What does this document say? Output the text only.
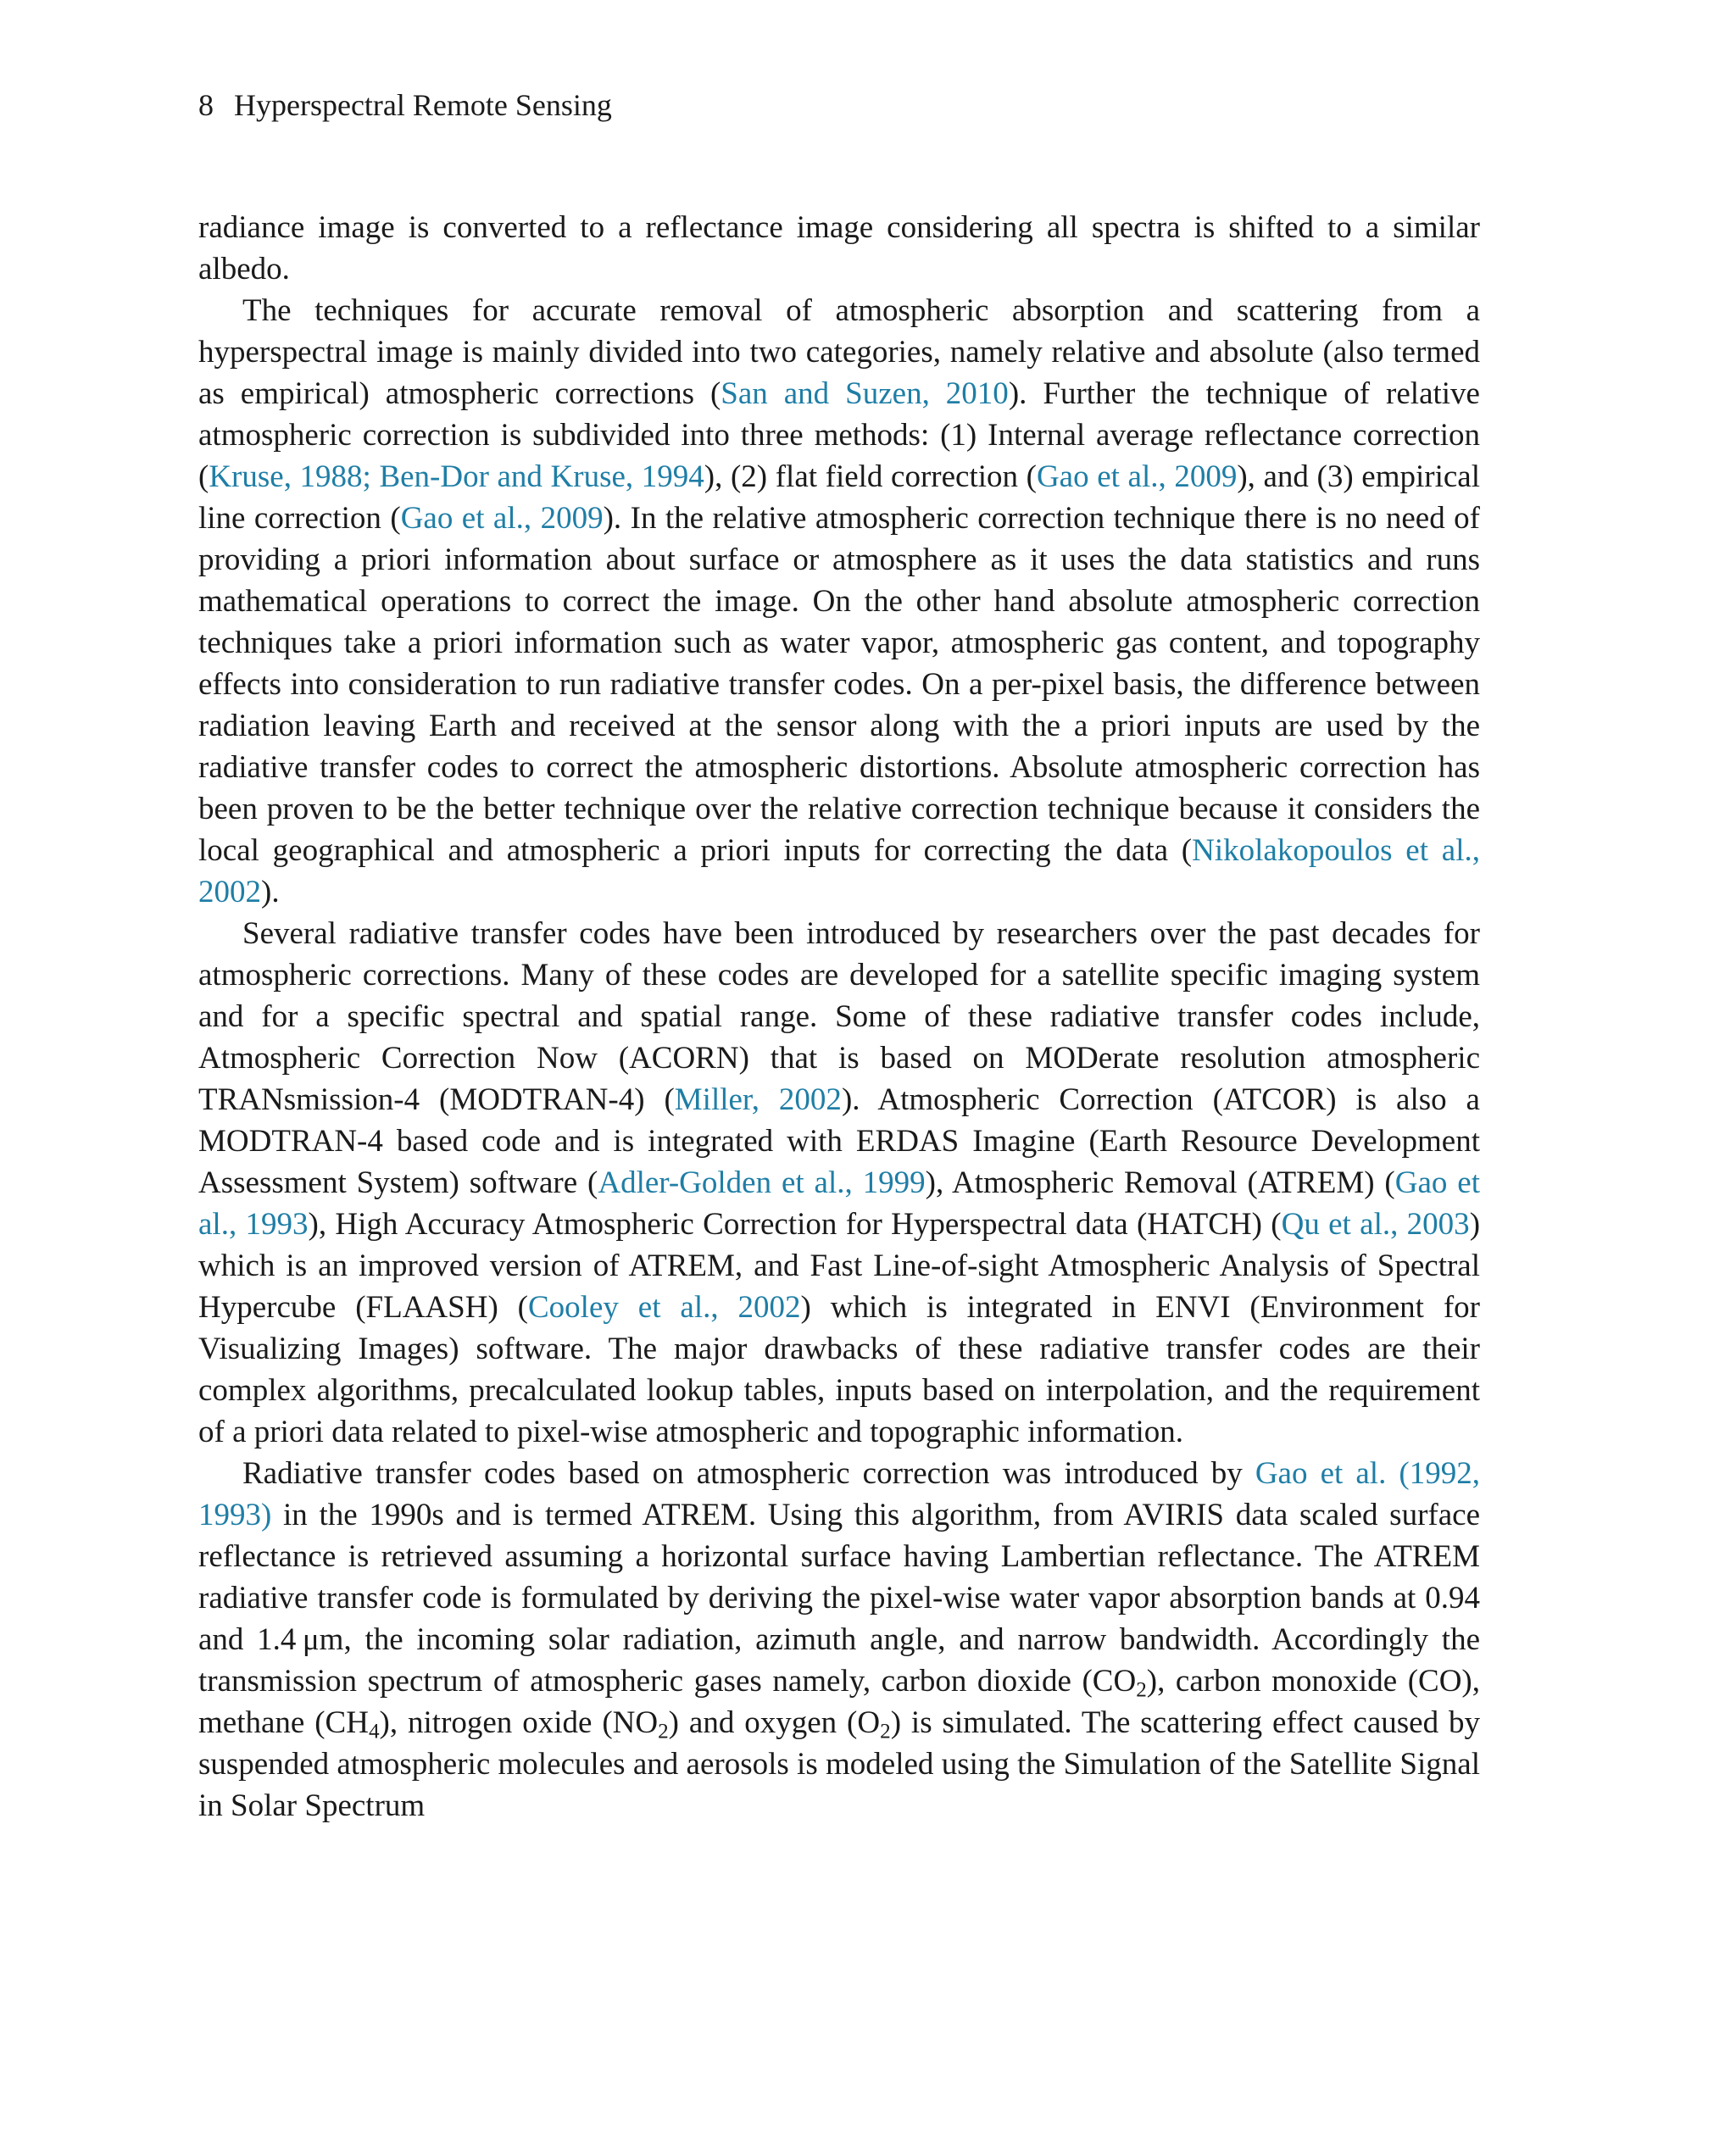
8 Hyperspectral Remote Sensing

radiance image is converted to a reflectance image considering all spectra is shifted to a similar albedo.

The techniques for accurate removal of atmospheric absorption and scattering from a hyperspectral image is mainly divided into two categories, namely relative and absolute (also termed as empirical) atmospheric corrections (San and Suzen, 2010). Further the technique of relative atmospheric correction is subdivided into three methods: (1) Internal average reflectance correction (Kruse, 1988; Ben-Dor and Kruse, 1994), (2) flat field correction (Gao et al., 2009), and (3) empirical line correction (Gao et al., 2009). In the relative atmospheric correction technique there is no need of providing a priori information about surface or atmosphere as it uses the data statistics and runs mathematical operations to correct the image. On the other hand absolute atmospheric correction techniques take a priori information such as water vapor, atmospheric gas content, and topography effects into consideration to run radiative transfer codes. On a per-pixel basis, the difference between radiation leaving Earth and received at the sensor along with the a priori inputs are used by the radiative transfer codes to correct the atmospheric distortions. Absolute atmospheric correction has been proven to be the better technique over the relative correction technique because it considers the local geographical and atmospheric a priori inputs for correcting the data (Nikolakopoulos et al., 2002).

Several radiative transfer codes have been introduced by researchers over the past decades for atmospheric corrections. Many of these codes are developed for a satellite specific imaging system and for a specific spectral and spatial range. Some of these radiative transfer codes include, Atmospheric Correction Now (ACORN) that is based on MODerate resolution atmospheric TRANsmission-4 (MODTRAN-4) (Miller, 2002). Atmospheric Correction (ATCOR) is also a MODTRAN-4 based code and is integrated with ERDAS Imagine (Earth Resource Development Assessment System) software (Adler-Golden et al., 1999), Atmospheric Removal (ATREM) (Gao et al., 1993), High Accuracy Atmospheric Correction for Hyperspectral data (HATCH) (Qu et al., 2003) which is an improved version of ATREM, and Fast Line-of-sight Atmospheric Analysis of Spectral Hypercube (FLAASH) (Cooley et al., 2002) which is integrated in ENVI (Environment for Visualizing Images) software. The major drawbacks of these radiative transfer codes are their complex algorithms, precalculated lookup tables, inputs based on interpolation, and the requirement of a priori data related to pixel-wise atmospheric and topographic information.

Radiative transfer codes based on atmospheric correction was introduced by Gao et al. (1992, 1993) in the 1990s and is termed ATREM. Using this algorithm, from AVIRIS data scaled surface reflectance is retrieved assuming a horizontal surface having Lambertian reflectance. The ATREM radiative transfer code is formulated by deriving the pixel-wise water vapor absorption bands at 0.94 and 1.4 μm, the incoming solar radiation, azimuth angle, and narrow bandwidth. Accordingly the transmission spectrum of atmospheric gases namely, carbon dioxide $(CO_2)$, carbon monoxide (CO), methane $(CH_4)$, nitrogen oxide $(NO_2)$ and oxygen $(O_2)$ is simulated. The scattering effect caused by suspended atmospheric molecules and aerosols is modeled using the Simulation of the Satellite Signal in Solar Spectrum
